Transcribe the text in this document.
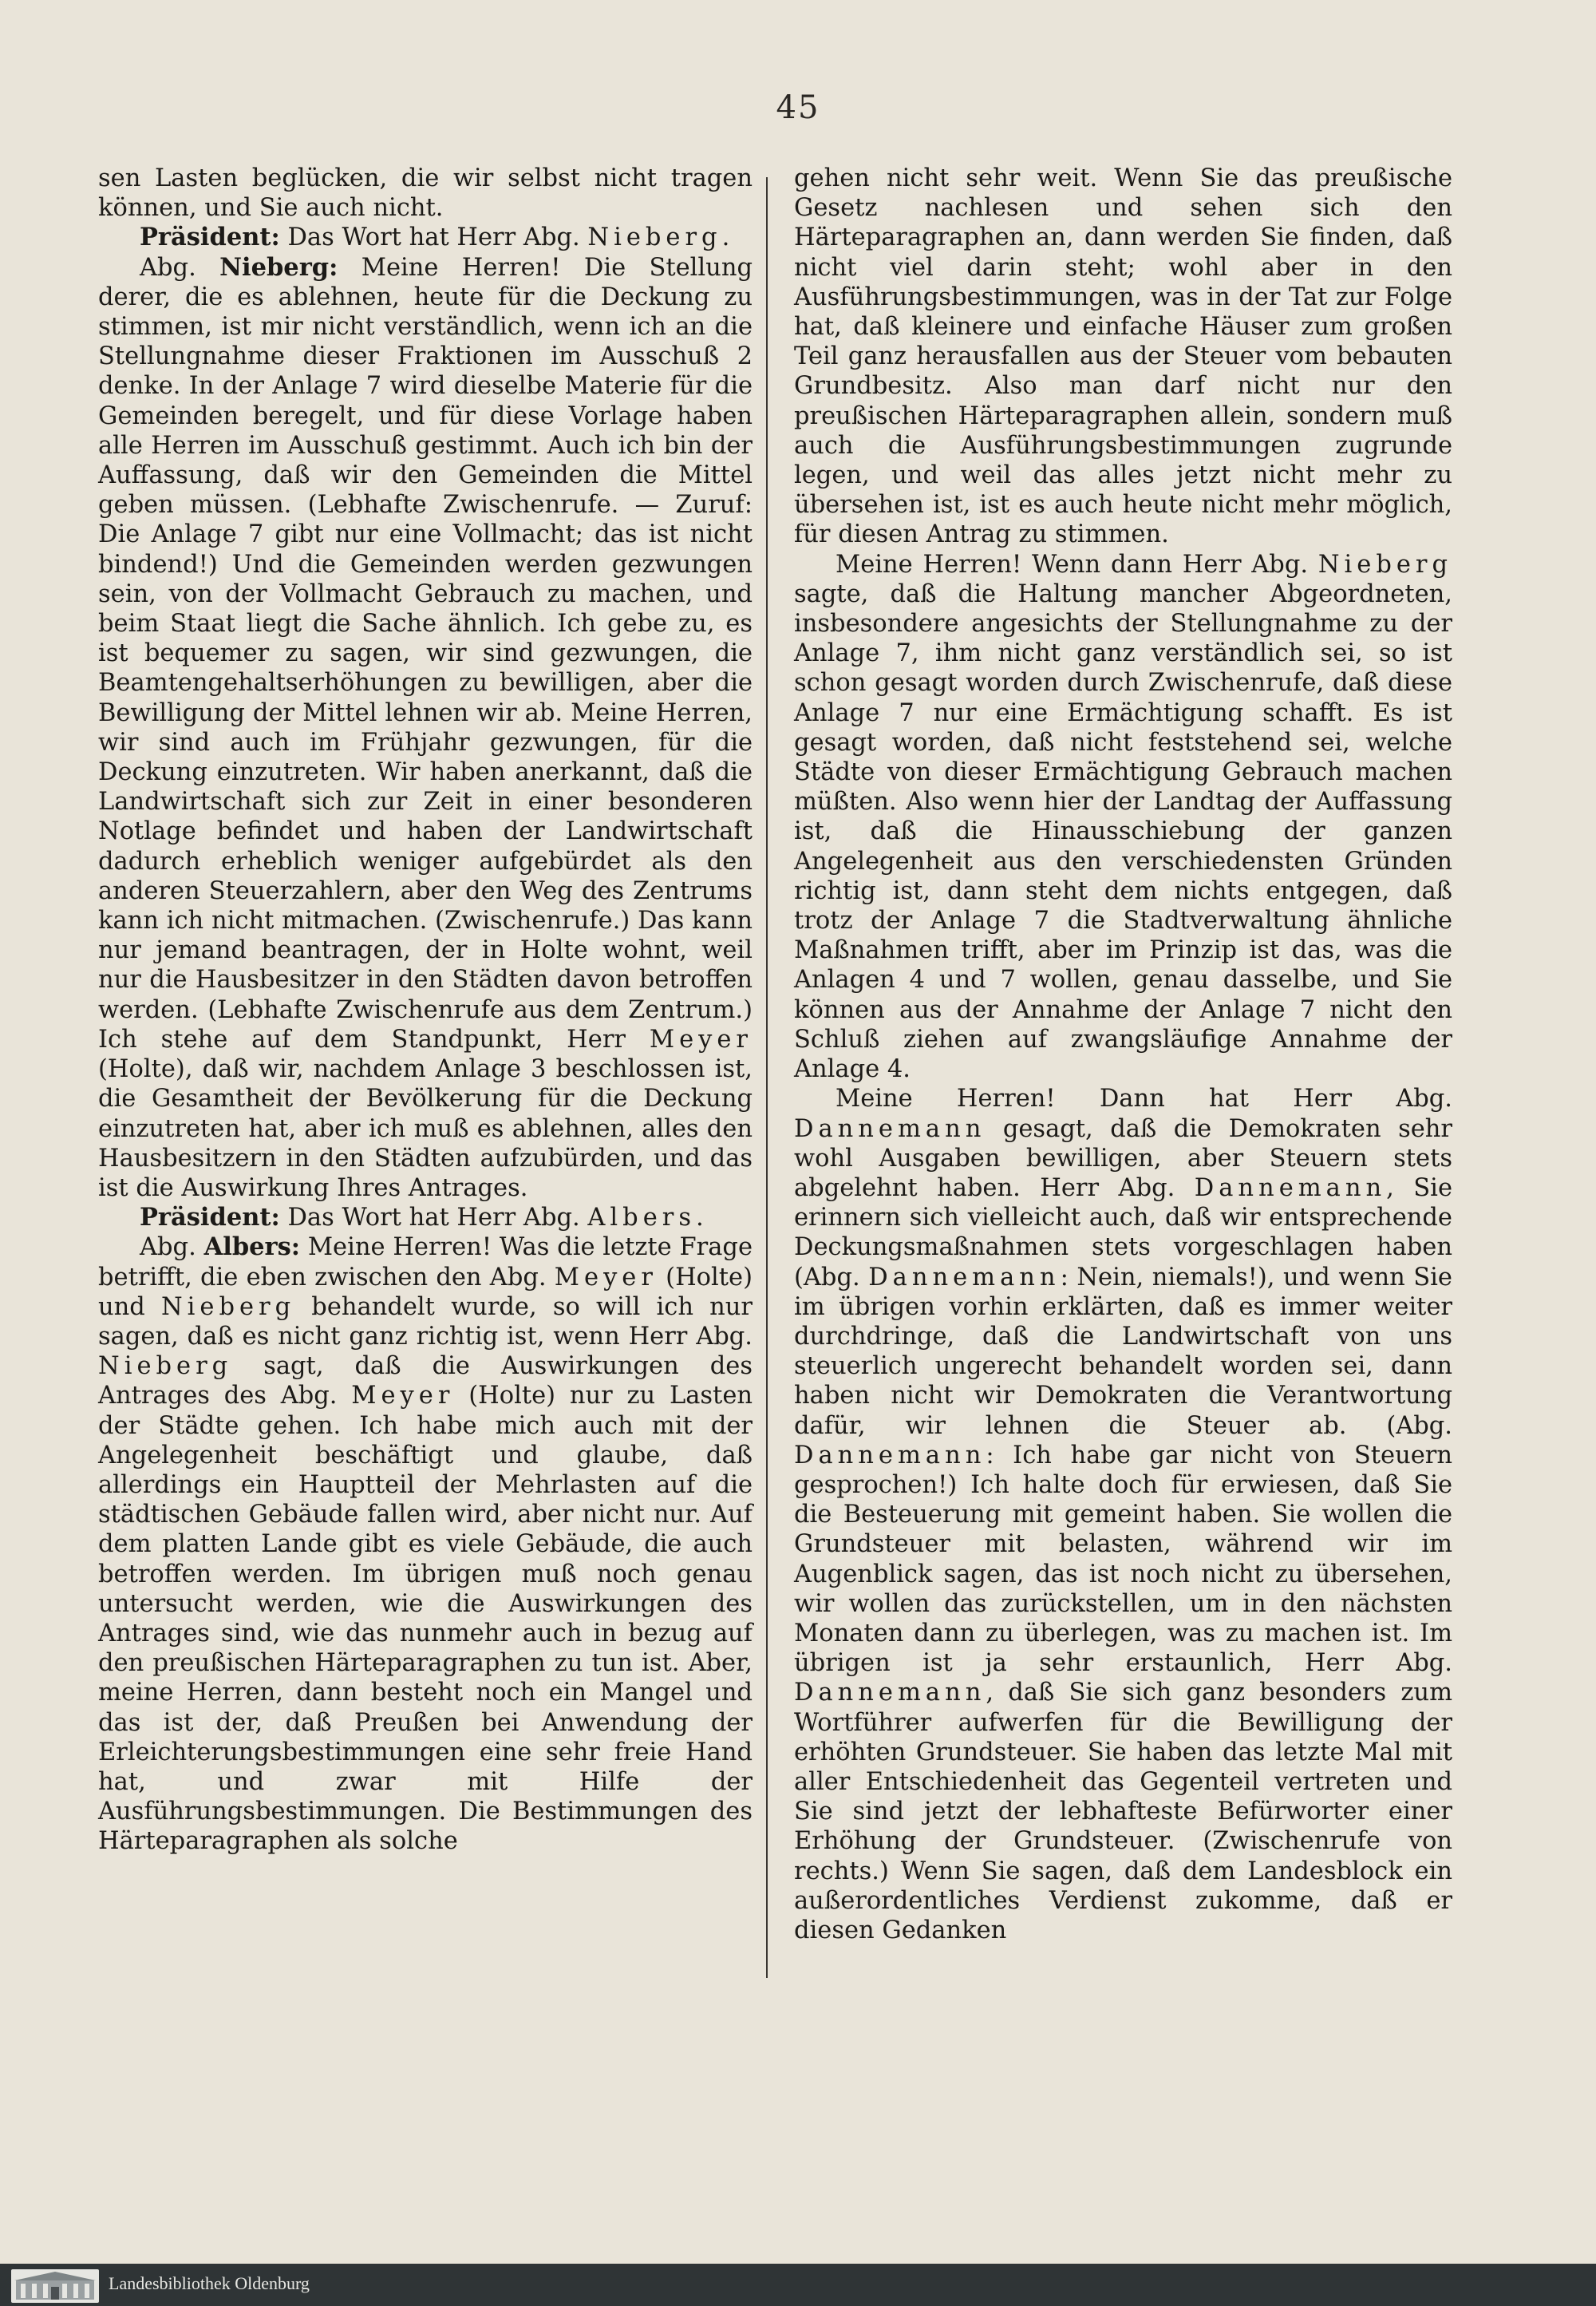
45

sen Lasten beglücken, die wir selbst nicht tragen können, und Sie auch nicht.

Präsident: Das Wort hat Herr Abg. Nieberg.

Abg. Nieberg: Meine Herren! Die Stellung derer, die es ablehnen, heute für die Deckung zu stimmen, ist mir nicht verständlich, wenn ich an die Stellungnahme dieser Fraktionen im Ausschuß 2 denke. In der Anlage 7 wird dieselbe Materie für die Gemeinden beregelt, und für diese Vorlage haben alle Herren im Ausschuß gestimmt. Auch ich bin der Auffassung, daß wir den Gemeinden die Mittel geben müssen. (Lebhafte Zwischenrufe. — Zuruf: Die Anlage 7 gibt nur eine Vollmacht; das ist nicht bindend!) Und die Gemeinden werden gezwungen sein, von der Vollmacht Gebrauch zu machen, und beim Staat liegt die Sache ähnlich. Ich gebe zu, es ist bequemer zu sagen, wir sind gezwungen, die Beamtengehaltserhöhungen zu bewilligen, aber die Bewilligung der Mittel lehnen wir ab. Meine Herren, wir sind auch im Frühjahr gezwungen, für die Deckung einzutreten. Wir haben anerkannt, daß die Landwirtschaft sich zur Zeit in einer besonderen Notlage befindet und haben der Landwirtschaft dadurch erheblich weniger aufgebürdet als den anderen Steuerzahlern, aber den Weg des Zentrums kann ich nicht mitmachen. (Zwischenrufe.) Das kann nur jemand beantragen, der in Holte wohnt, weil nur die Hausbesitzer in den Städten davon betroffen werden. (Lebhafte Zwischenrufe aus dem Zentrum.) Ich stehe auf dem Standpunkt, Herr Meyer (Holte), daß wir, nachdem Anlage 3 beschlossen ist, die Gesamtheit der Bevölkerung für die Deckung einzutreten hat, aber ich muß es ablehnen, alles den Hausbesitzern in den Städten aufzubürden, und das ist die Auswirkung Ihres Antrages.

Präsident: Das Wort hat Herr Abg. Albers.

Abg. Albers: Meine Herren! Was die letzte Frage betrifft, die eben zwischen den Abg. Meyer (Holte) und Nieberg behandelt wurde, so will ich nur sagen, daß es nicht ganz richtig ist, wenn Herr Abg. Nieberg sagt, daß die Auswirkungen des Antrages des Abg. Meyer (Holte) nur zu Lasten der Städte gehen. Ich habe mich auch mit der Angelegenheit beschäftigt und glaube, daß allerdings ein Hauptteil der Mehrlasten auf die städtischen Gebäude fallen wird, aber nicht nur. Auf dem platten Lande gibt es viele Gebäude, die auch betroffen werden. Im übrigen muß noch genau untersucht werden, wie die Auswirkungen des Antrages sind, wie das nunmehr auch in bezug auf den preußischen Härteparagraphen zu tun ist. Aber, meine Herren, dann besteht noch ein Mangel und das ist der, daß Preußen bei Anwendung der Erleichterungsbestimmungen eine sehr freie Hand hat, und zwar mit Hilfe der Ausführungsbestimmungen. Die Bestimmungen des Härteparagraphen als solche

gehen nicht sehr weit. Wenn Sie das preußische Gesetz nachlesen und sehen sich den Härteparagraphen an, dann werden Sie finden, daß nicht viel darin steht; wohl aber in den Ausführungsbestimmungen, was in der Tat zur Folge hat, daß kleinere und einfache Häuser zum großen Teil ganz herausfallen aus der Steuer vom bebauten Grundbesitz. Also man darf nicht nur den preußischen Härteparagraphen allein, sondern muß auch die Ausführungsbestimmungen zugrunde legen, und weil das alles jetzt nicht mehr zu übersehen ist, ist es auch heute nicht mehr möglich, für diesen Antrag zu stimmen.

Meine Herren! Wenn dann Herr Abg. Nieberg sagte, daß die Haltung mancher Abgeordneten, insbesondere angesichts der Stellungnahme zu der Anlage 7, ihm nicht ganz verständlich sei, so ist schon gesagt worden durch Zwischenrufe, daß diese Anlage 7 nur eine Ermächtigung schafft. Es ist gesagt worden, daß nicht feststehend sei, welche Städte von dieser Ermächtigung Gebrauch machen müßten. Also wenn hier der Landtag der Auffassung ist, daß die Hinausschiebung der ganzen Angelegenheit aus den verschiedensten Gründen richtig ist, dann steht dem nichts entgegen, daß trotz der Anlage 7 die Stadtverwaltung ähnliche Maßnahmen trifft, aber im Prinzip ist das, was die Anlagen 4 und 7 wollen, genau dasselbe, und Sie können aus der Annahme der Anlage 7 nicht den Schluß ziehen auf zwangsläufige Annahme der Anlage 4.

Meine Herren! Dann hat Herr Abg. Dannemann gesagt, daß die Demokraten sehr wohl Ausgaben bewilligen, aber Steuern stets abgelehnt haben. Herr Abg. Dannemann, Sie erinnern sich vielleicht auch, daß wir entsprechende Deckungsmaßnahmen stets vorgeschlagen haben (Abg. Dannemann: Nein, niemals!), und wenn Sie im übrigen vorhin erklärten, daß es immer weiter durchdringe, daß die Landwirtschaft von uns steuerlich ungerecht behandelt worden sei, dann haben nicht wir Demokraten die Verantwortung dafür, wir lehnen die Steuer ab. (Abg. Dannemann: Ich habe gar nicht von Steuern gesprochen!) Ich halte doch für erwiesen, daß Sie die Besteuerung mit gemeint haben. Sie wollen die Grundsteuer mit belasten, während wir im Augenblick sagen, das ist noch nicht zu übersehen, wir wollen das zurückstellen, um in den nächsten Monaten dann zu überlegen, was zu machen ist. Im übrigen ist ja sehr erstaunlich, Herr Abg. Dannemann, daß Sie sich ganz besonders zum Wortführer aufwerfen für die Bewilligung der erhöhten Grundsteuer. Sie haben das letzte Mal mit aller Entschiedenheit das Gegenteil vertreten und Sie sind jetzt der lebhafteste Befürworter einer Erhöhung der Grundsteuer. (Zwischenrufe von rechts.) Wenn Sie sagen, daß dem Landesblock ein außerordentliches Verdienst zukomme, daß er diesen Gedanken

Landesbibliothek Oldenburg
